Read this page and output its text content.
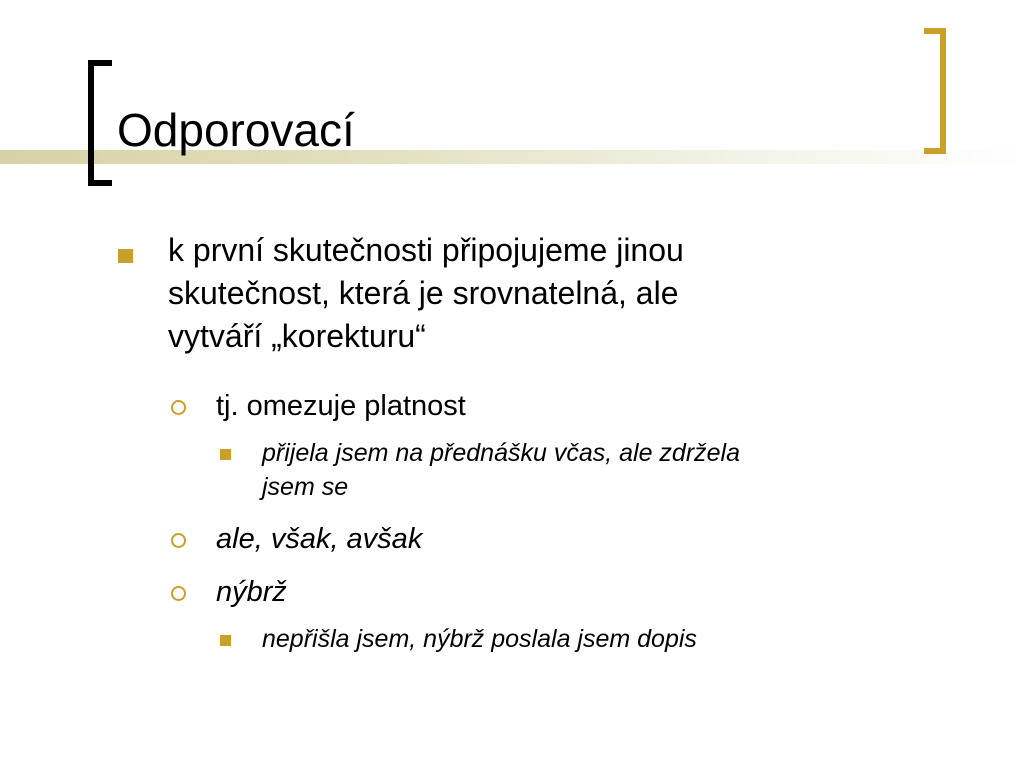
Odporovací
k první skutečnosti připojujeme jinou
skutečnost, která je srovnatelná, ale
vytváří „korekturu“
tj. omezuje platnost
přijela jsem na přednášku včas, ale zdržela
jsem se
ale, však, avšak
nýbrž
nepřišla jsem, nýbrž poslala jsem dopis
